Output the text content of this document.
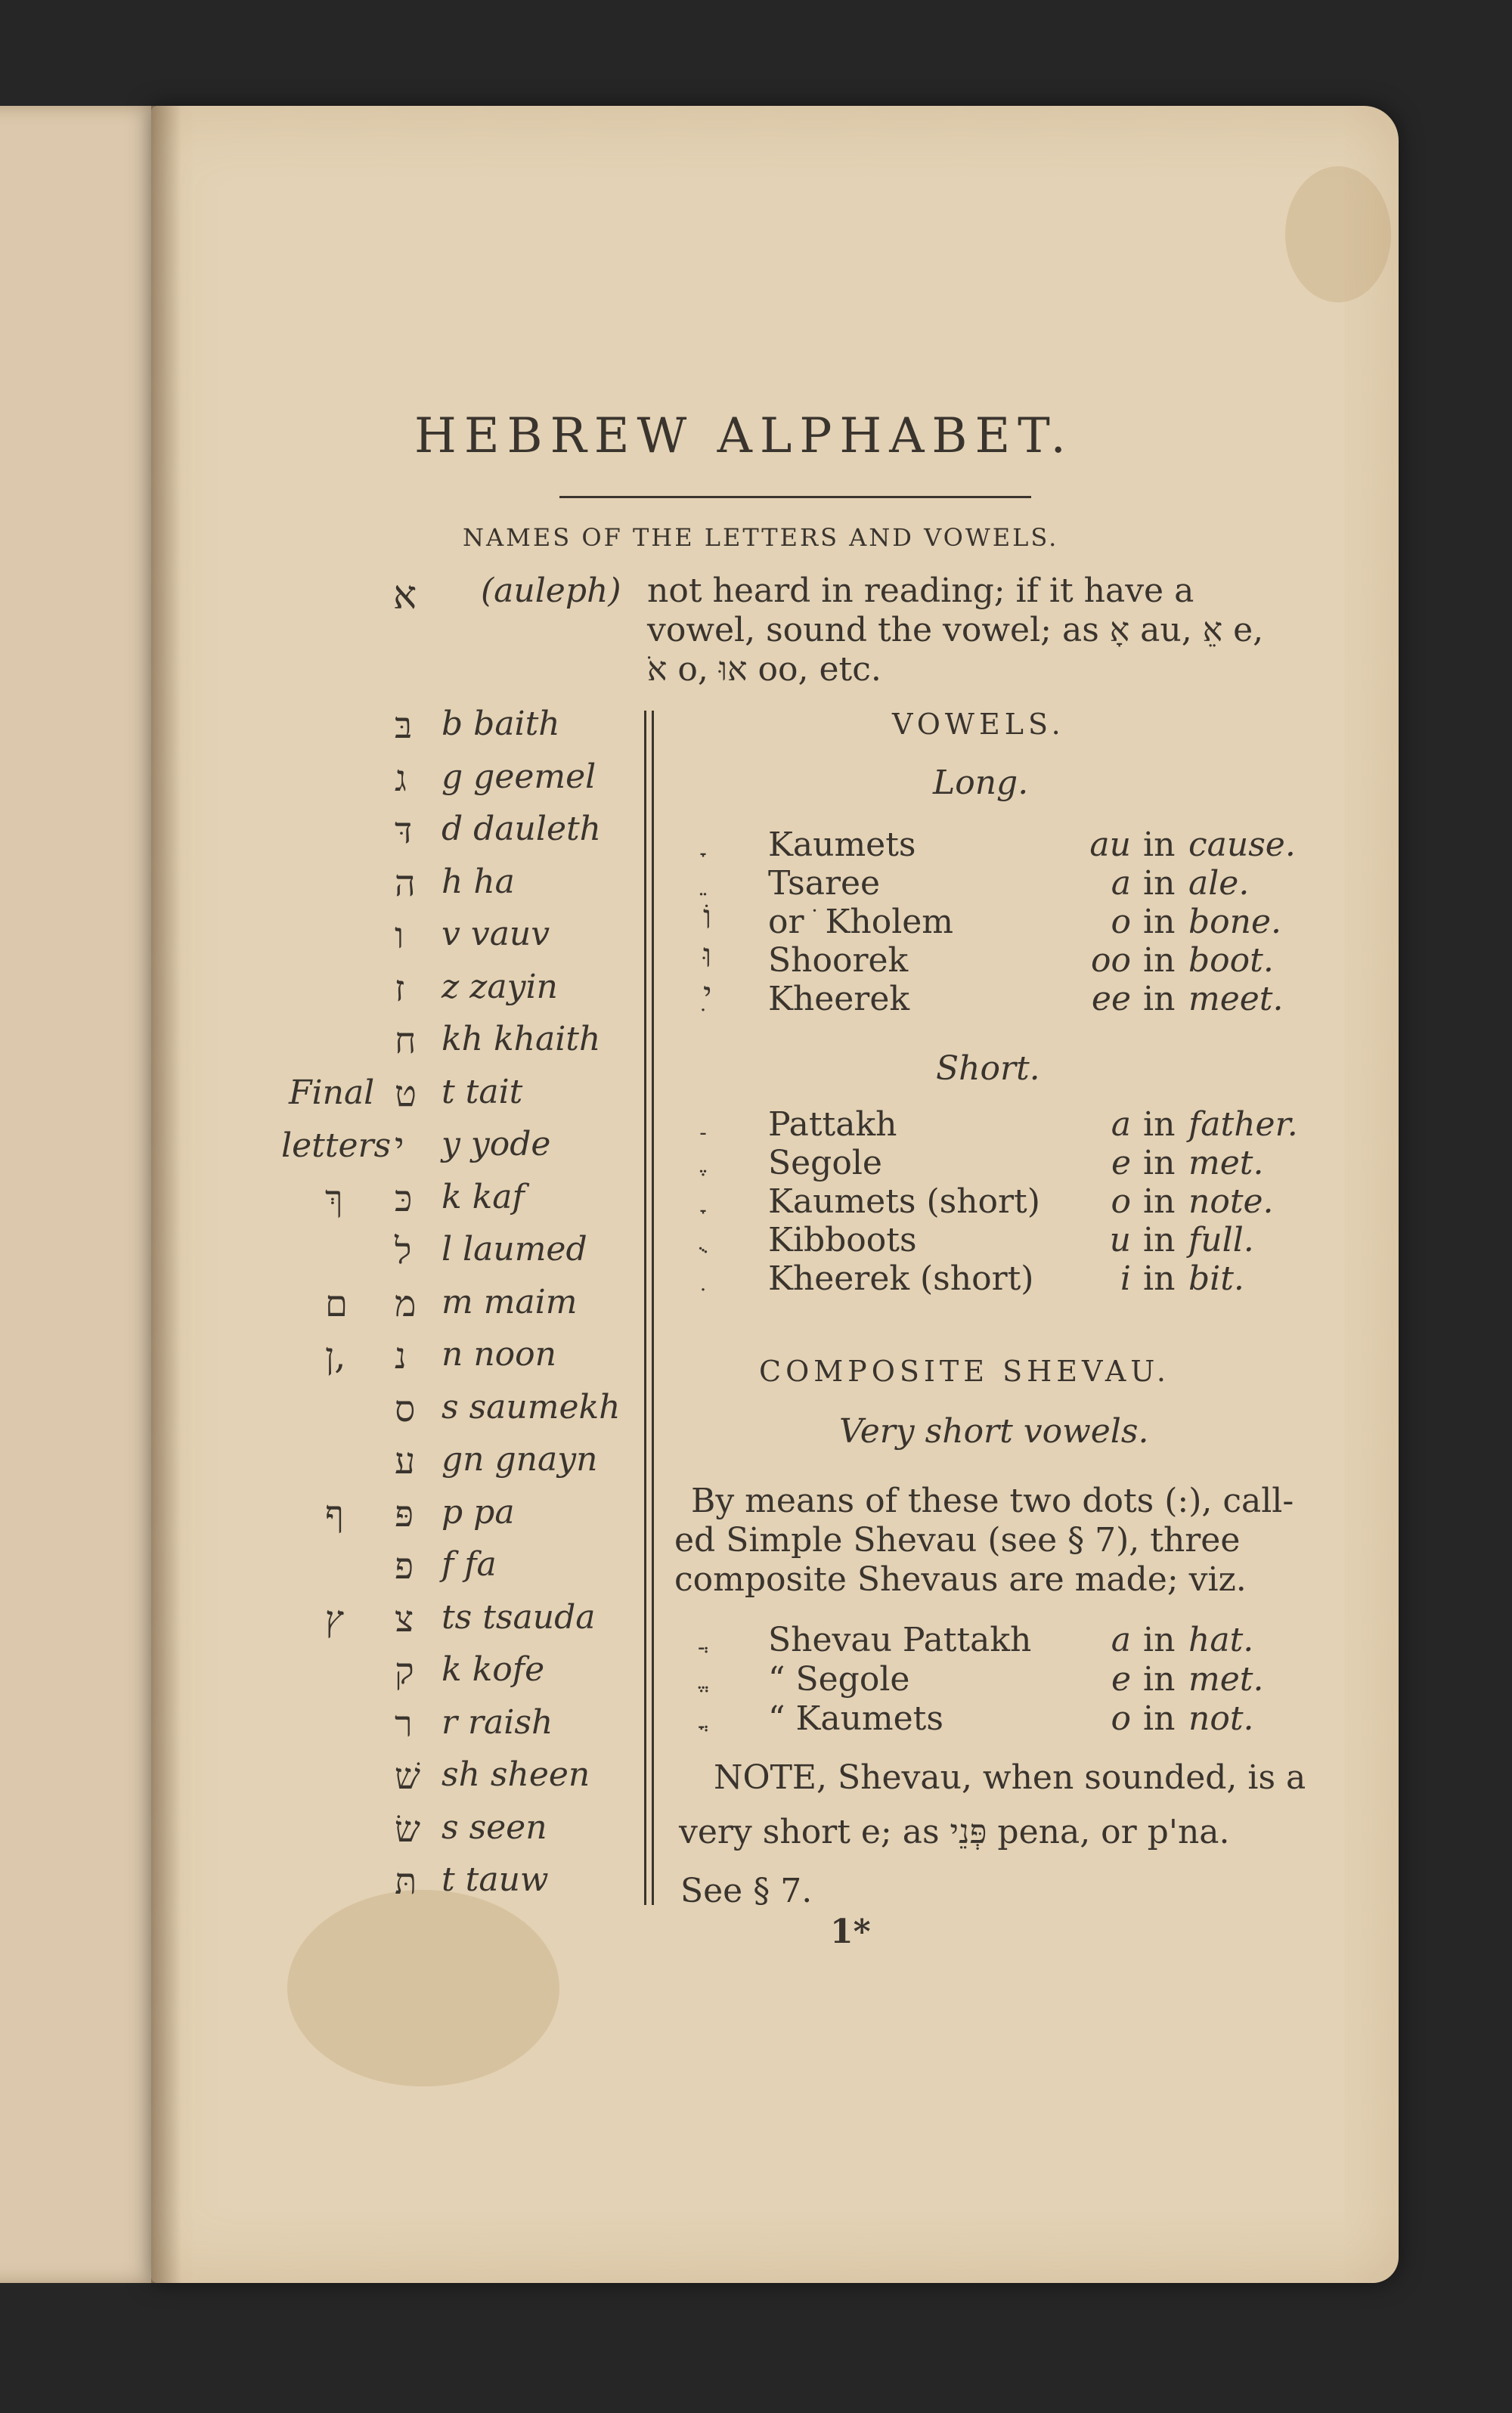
HEBREW ALPHABET.
NAMES OF THE LETTERS AND VOWELS.
א (auleph) not heard in reading; if it have a
vowel, sound the vowel; as אָ au, אֵ e,
אֹ o, אוּ oo, etc.
Final
letters
בּ b baith
ג g geemel
דּ d dauleth
ה h ha
ו v vauv
ז z zayin
ח kh khaith
ט t tait
י y yode
ךְ כּ k kaf
ל l laumed
ם מ m maim
ן, נ n noon
ס s saumekh
ע gn gnayn
ף פּ p pa
פ f fa
ץ צ ts tsauda
ק k kofe
ר r raish
שׁ sh sheen
שׂ s seen
תּ t tauw
VOWELS.
Long.
Kaumets	au in cause.
Tsaree	a in ale.
וֹ or ֹ Kholem	o in bone.
וּ Shoorek	oo in boot.
ִי Kheerek	ee in meet.
Short.
Pattakh	a in father.
Segole	e in met.
Kaumets (short)	o in note.
Kibboots	u in full.
Kheerek (short)	i in bit.
COMPOSITE SHEVAU.
Very short vowels.
By means of these two dots (:), call-
ed Simple Shevau (see § 7), three
composite Shevaus are made; viz.
Shevau Pattakh	a in hat.
“ Segole	e in met.
“ Kaumets	o in not.
NOTE, Shevau, when sounded, is a
very short e; as פְּנֵי pena, or p'na.
See § 7.
1*
